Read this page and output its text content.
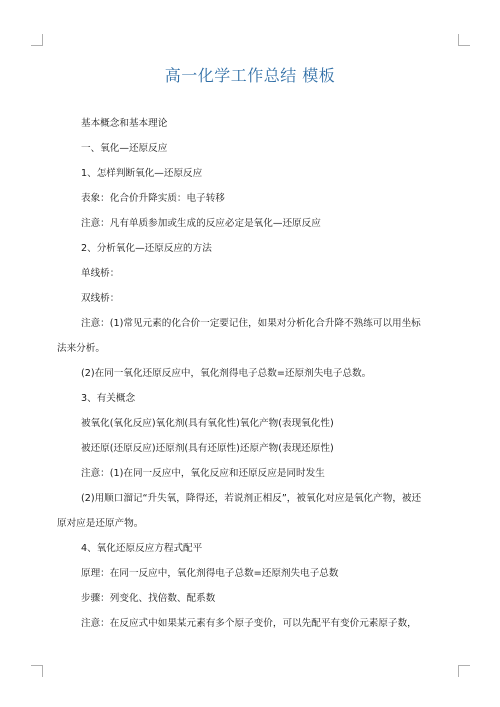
高一化学工作总结 模板
基本概念和基本理论
一、氧化—还原反应
1、怎样判断氧化—还原反应
表象：化合价升降实质：电子转移
注意：凡有单质参加或生成的反应必定是氧化—还原反应
2、分析氧化—还原反应的方法
单线桥：
双线桥：
注意：(1)常见元素的化合价一定要记住，如果对分析化合升降不熟练可以用坐标
法来分析。
(2)在同一氧化还原反应中，氧化剂得电子总数=还原剂失电子总数。
3、有关概念
被氧化(氧化反应)氧化剂(具有氧化性)氧化产物(表现氧化性)
被还原(还原反应)还原剂(具有还原性)还原产物(表现还原性)
注意：(1)在同一反应中，氧化反应和还原反应是同时发生
(2)用顺口溜记“升失氧，降得还，若说剂正相反”，被氧化对应是氧化产物，被还
原对应是还原产物。
4、氧化还原反应方程式配平
原理：在同一反应中，氧化剂得电子总数=还原剂失电子总数
步骤：列变化、找倍数、配系数
注意：在反应式中如果某元素有多个原子变价，可以先配平有变价元素原子数，
